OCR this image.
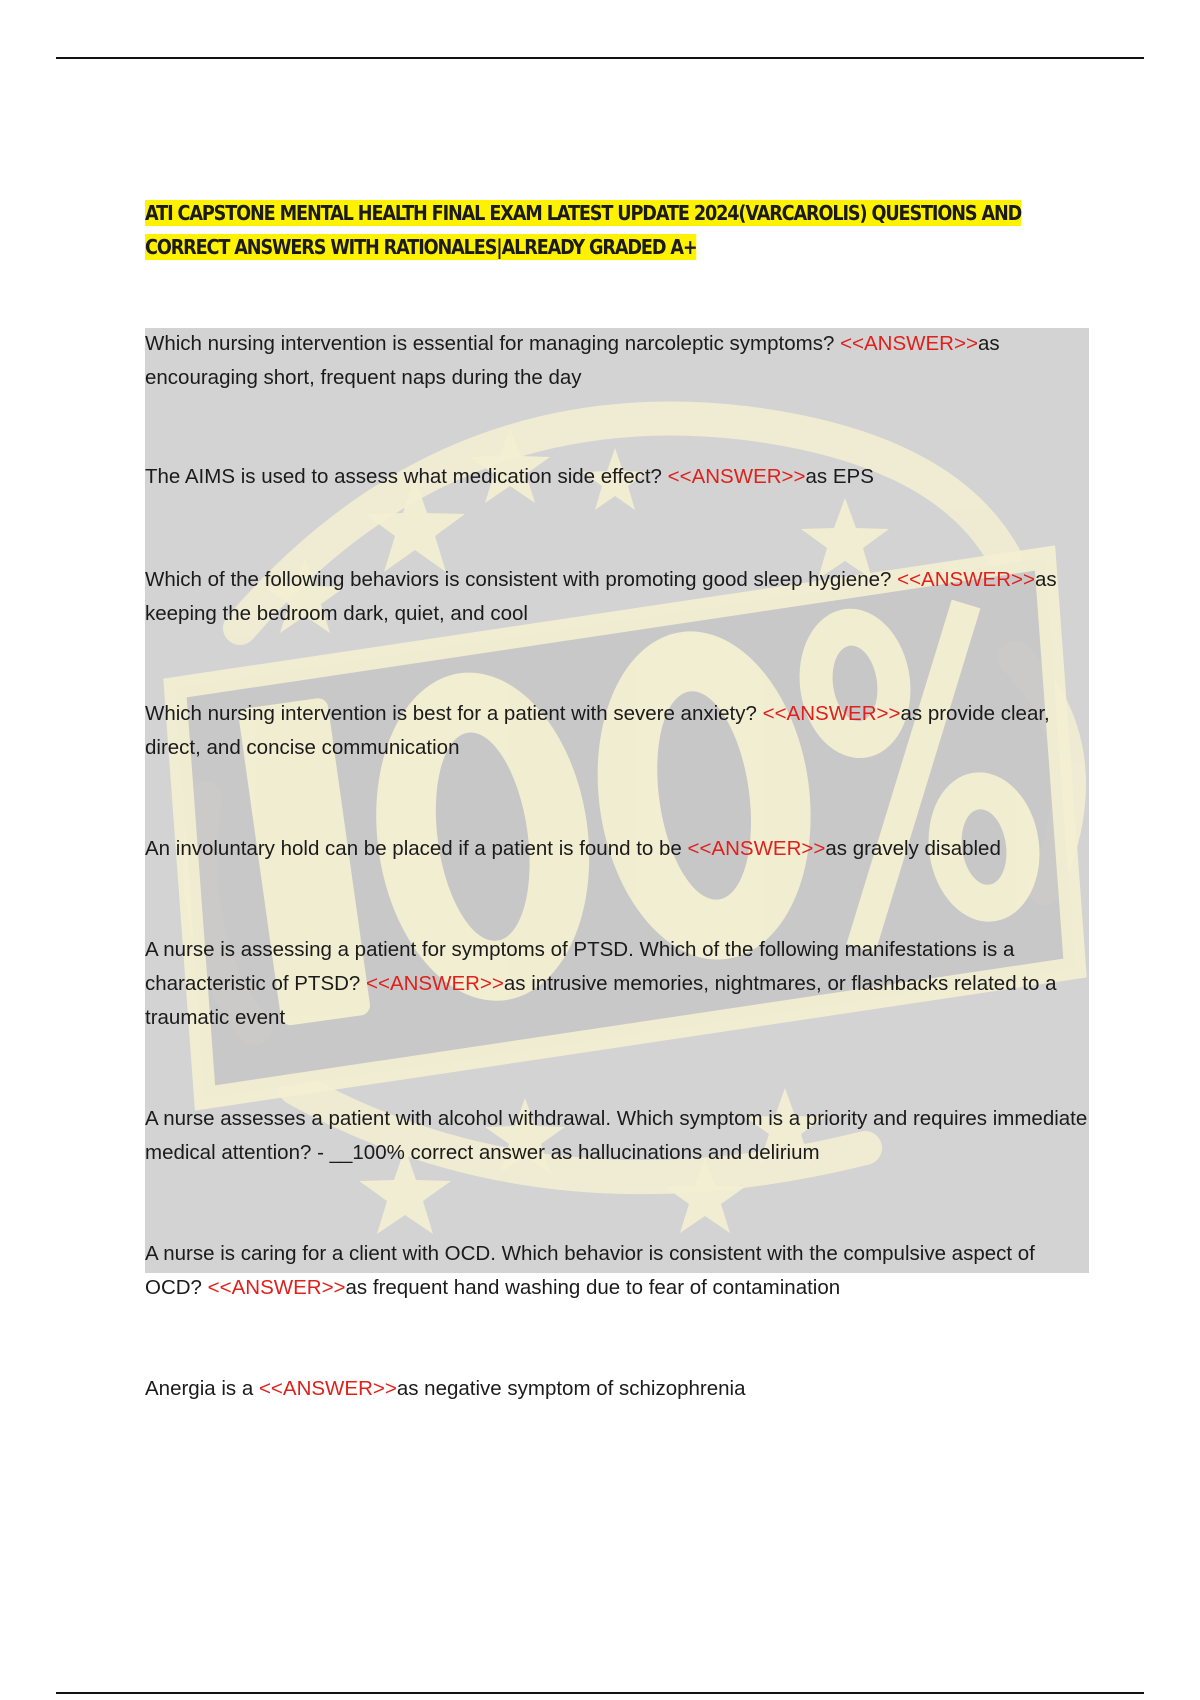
ATI CAPSTONE MENTAL HEALTH FINAL EXAM LATEST UPDATE 2024(VARCAROLIS) QUESTIONS AND CORRECT ANSWERS WITH RATIONALES|ALREADY GRADED A+
Which nursing intervention is essential for managing narcoleptic symptoms? <<ANSWER>>as encouraging short, frequent naps during the day
The AIMS is used to assess what medication side effect? <<ANSWER>>as EPS
Which of the following behaviors is consistent with promoting good sleep hygiene? <<ANSWER>>as keeping the bedroom dark, quiet, and cool
Which nursing intervention is best for a patient with severe anxiety? <<ANSWER>>as provide clear, direct, and concise communication
An involuntary hold can be placed if a patient is found to be <<ANSWER>>as gravely disabled
A nurse is assessing a patient for symptoms of PTSD. Which of the following manifestations is a characteristic of PTSD? <<ANSWER>>as intrusive memories, nightmares, or flashbacks related to a traumatic event
A nurse assesses a patient with alcohol withdrawal. Which symptom is a priority and requires immediate medical attention? - __100% correct answer as hallucinations and delirium
A nurse is caring for a client with OCD. Which behavior is consistent with the compulsive aspect of OCD? <<ANSWER>>as frequent hand washing due to fear of contamination
Anergia is a <<ANSWER>>as negative symptom of schizophrenia
